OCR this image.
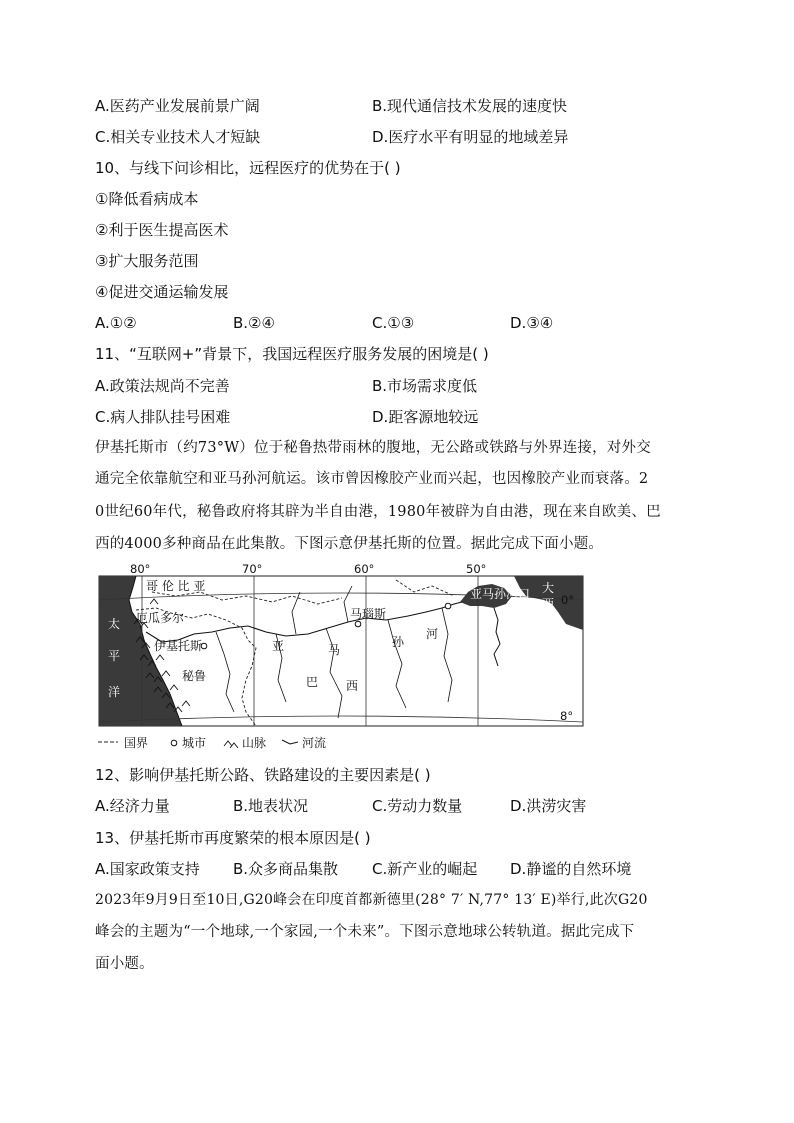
A.医药产业发展前景广阔	B.现代通信技术发展的速度快
C.相关专业技术人才短缺	D.医疗水平有明显的地域差异
10、与线下问诊相比，远程医疗的优势在于( )
①降低看病成本
②利于医生提高医术
③扩大服务范围
④促进交通运输发展
A.①②	B.②④	C.①③	D.③④
11、“互联网+”背景下，我国远程医疗服务发展的困境是( )
A.政策法规尚不完善	B.市场需求度低
C.病人排队挂号困难	D.距客源地较远
伊基托斯市（约73°W）位于秘鲁热带雨林的腹地，无公路或铁路与外界连接，对外交
通完全依靠航空和亚马孙河航运。该市曾因橡胶产业而兴起，也因橡胶产业而衰落。2
0世纪60年代，秘鲁政府将其辟为半自由港，1980年被辟为自由港，现在来自欧美、巴
西的4000多种商品在此集散。下图示意伊基托斯的位置。据此完成下面小题。
80°	70°	60°	50°
0°
8°
哥 伦 比 亚
厄瓜多尔
伊基托斯
秘鲁
太
平
洋
大
西
洋
亚马孙河口
马瑙斯
亚	马
孙
河
巴 西
国界	城市	山脉	河流
12、影响伊基托斯公路、铁路建设的主要因素是( )
A.经济力量	B.地表状况	C.劳动力数量	D.洪涝灾害
13、伊基托斯市再度繁荣的根本原因是( )
A.国家政策支持 B.众多商品集散 C.新产业的崛起 D.静谧的自然环境
2023年9月9日至10日,G20峰会在印度首都新德里(28° 7′ N,77° 13′ E)举行,此次G20
峰会的主题为“一个地球,一个家园,一个未来”。下图示意地球公转轨道。据此完成下
面小题。
